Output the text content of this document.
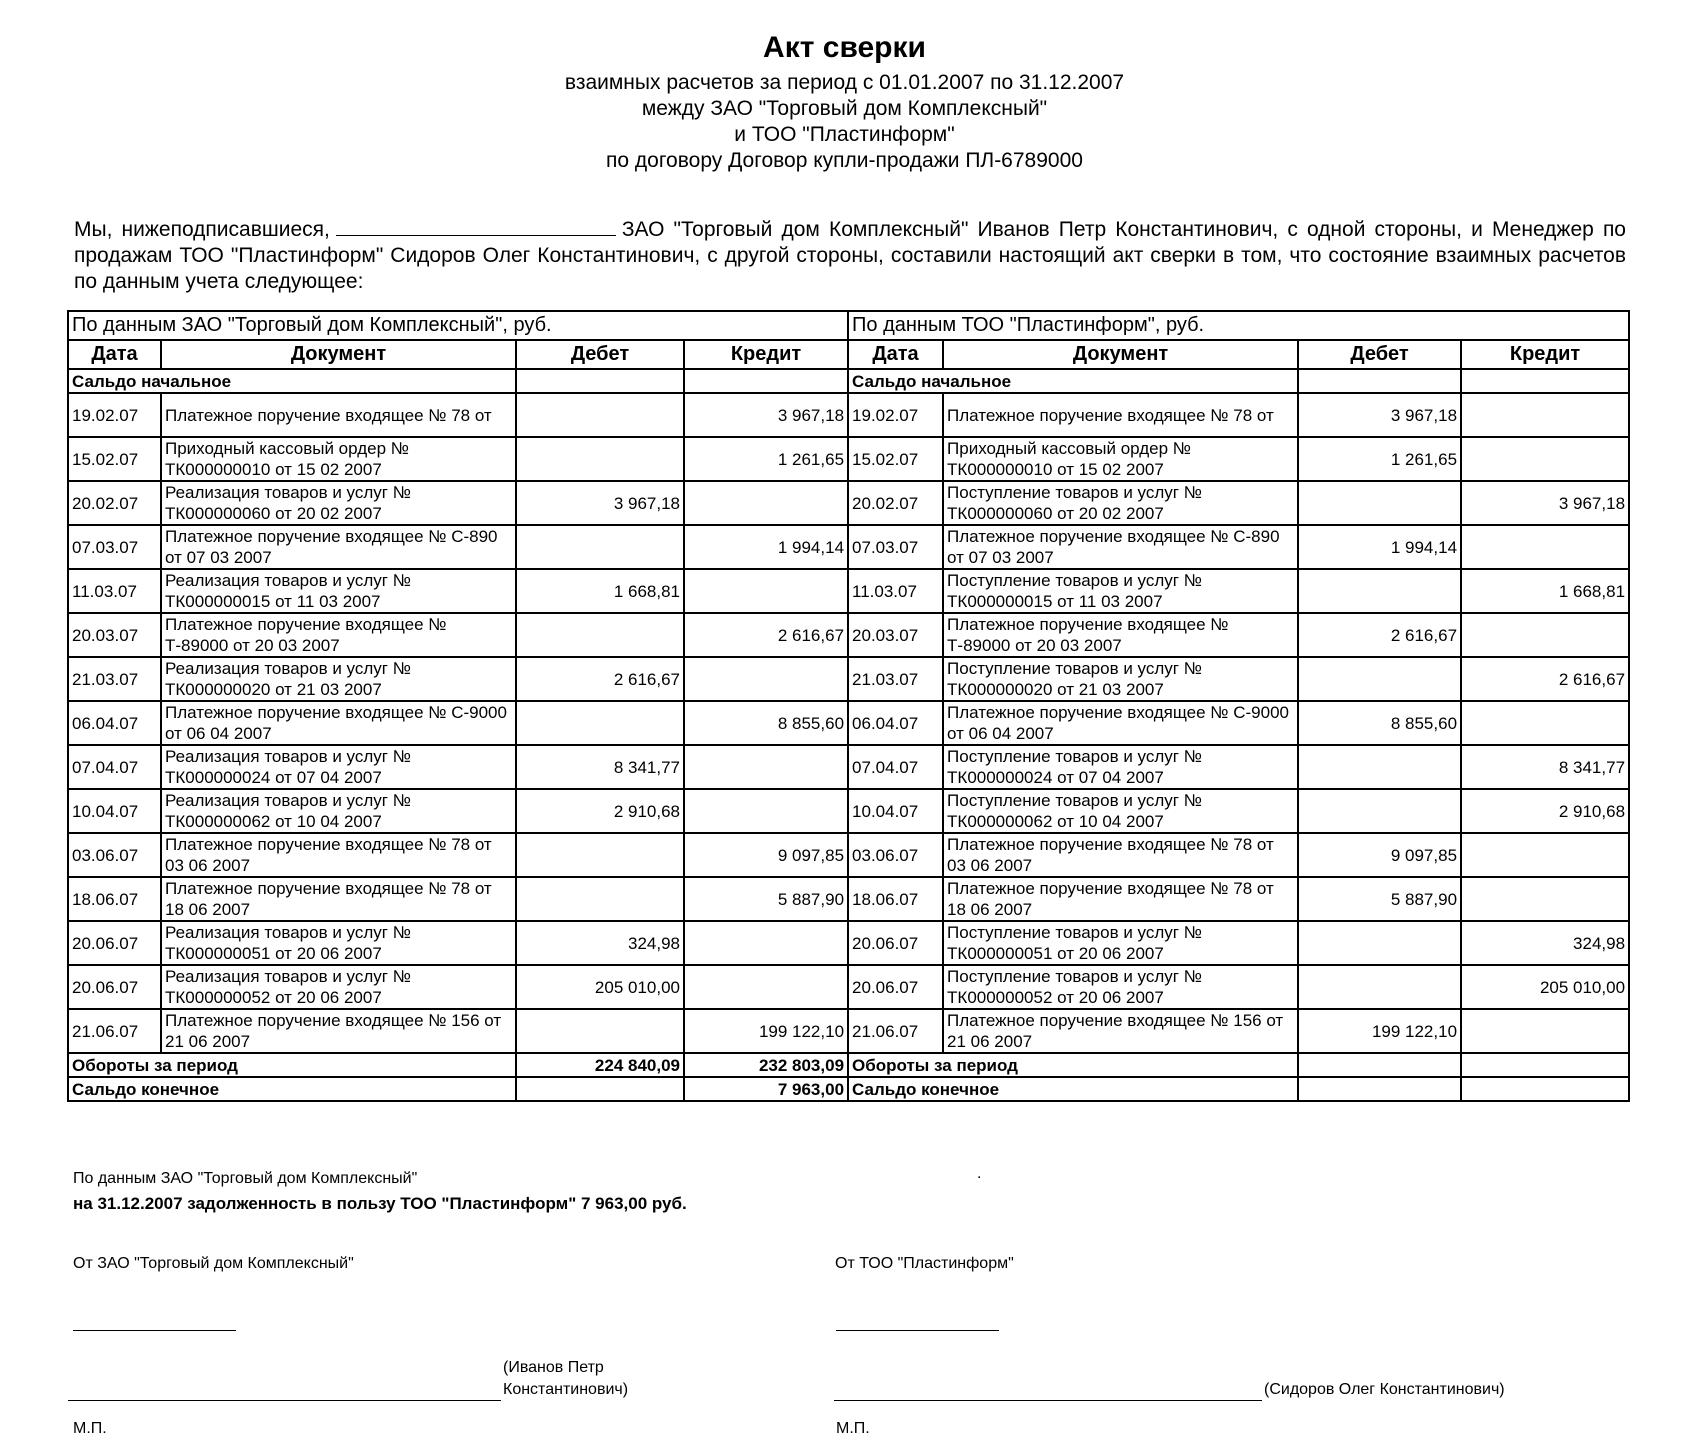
Акт сверки
взаимных расчетов за период с 01.01.2007 по 31.12.2007
между ЗАО "Торговый дом Комплексный"
и ТОО "Пластинформ"
по договору Договор купли-продажи ПЛ-6789000
Мы, нижеподписавшиеся,	ЗАО "Торговый дом Комплексный" Иванов Петр Константинович, с одной стороны, и Менеджер по продажам ТОО "Пластинформ" Сидоров Олег Константинович, с другой стороны, составили настоящий акт сверки в том, что состояние взаимных расчетов по данным учета следующее:
По данным ЗАО "Торговый дом Комплексный", руб.				По данным ТОО "Пластинформ", руб.			
Дата	Документ	Дебет	Кредит	Дата	Документ	Дебет	Кредит
Сальдо начальное				Сальдо начальное			
19.02.07	Платежное поручение входящее № 78 от		3 967,18	19.02.07	Платежное поручение входящее № 78 от	3 967,18	
15.02.07	Приходный кассовый ордер № ТК000000010 от 15 02 2007		1 261,65	15.02.07	Приходный кассовый ордер № ТК000000010 от 15 02 2007	1 261,65	
20.02.07	Реализация товаров и услуг № ТК000000060 от 20 02 2007	3 967,18		20.02.07	Поступление товаров и услуг № ТК000000060 от 20 02 2007		3 967,18
07.03.07	Платежное поручение входящее № С-890 от 07 03 2007		1 994,14	07.03.07	Платежное поручение входящее № С-890 от 07 03 2007	1 994,14	
11.03.07	Реализация товаров и услуг № ТК000000015 от 11 03 2007	1 668,81		11.03.07	Поступление товаров и услуг № ТК000000015 от 11 03 2007		1 668,81
20.03.07	Платежное поручение входящее № Т-89000 от 20 03 2007		2 616,67	20.03.07	Платежное поручение входящее № Т-89000 от 20 03 2007	2 616,67	
21.03.07	Реализация товаров и услуг № ТК000000020 от 21 03 2007	2 616,67		21.03.07	Поступление товаров и услуг № ТК000000020 от 21 03 2007		2 616,67
06.04.07	Платежное поручение входящее № С-9000 от 06 04 2007		8 855,60	06.04.07	Платежное поручение входящее № С-9000 от 06 04 2007	8 855,60	
07.04.07	Реализация товаров и услуг № ТК000000024 от 07 04 2007	8 341,77		07.04.07	Поступление товаров и услуг № ТК000000024 от 07 04 2007		8 341,77
10.04.07	Реализация товаров и услуг № ТК000000062 от 10 04 2007	2 910,68		10.04.07	Поступление товаров и услуг № ТК000000062 от 10 04 2007		2 910,68
03.06.07	Платежное поручение входящее № 78 от 03 06 2007		9 097,85	03.06.07	Платежное поручение входящее № 78 от 03 06 2007	9 097,85	
18.06.07	Платежное поручение входящее № 78 от 18 06 2007		5 887,90	18.06.07	Платежное поручение входящее № 78 от 18 06 2007	5 887,90	
20.06.07	Реализация товаров и услуг № ТК000000051 от 20 06 2007	324,98		20.06.07	Поступление товаров и услуг № ТК000000051 от 20 06 2007		324,98
20.06.07	Реализация товаров и услуг № ТК000000052 от 20 06 2007	205 010,00		20.06.07	Поступление товаров и услуг № ТК000000052 от 20 06 2007		205 010,00
21.06.07	Платежное поручение входящее № 156 от 21 06 2007		199 122,10	21.06.07	Платежное поручение входящее № 156 от 21 06 2007	199 122,10	
Обороты за период		224 840,09	232 803,09	Обороты за период			
Сальдо конечное			7 963,00	Сальдо конечное			
По данным ЗАО "Торговый дом Комплексный"	.
на 31.12.2007 задолженность в пользу ТОО "Пластинформ" 7 963,00 руб.
От ЗАО "Торговый дом Комплексный"	От ТОО "Пластинформ"
(Иванов Петр
Константинович)	(Сидоров Олег Константинович)
М.П.	М.П.
